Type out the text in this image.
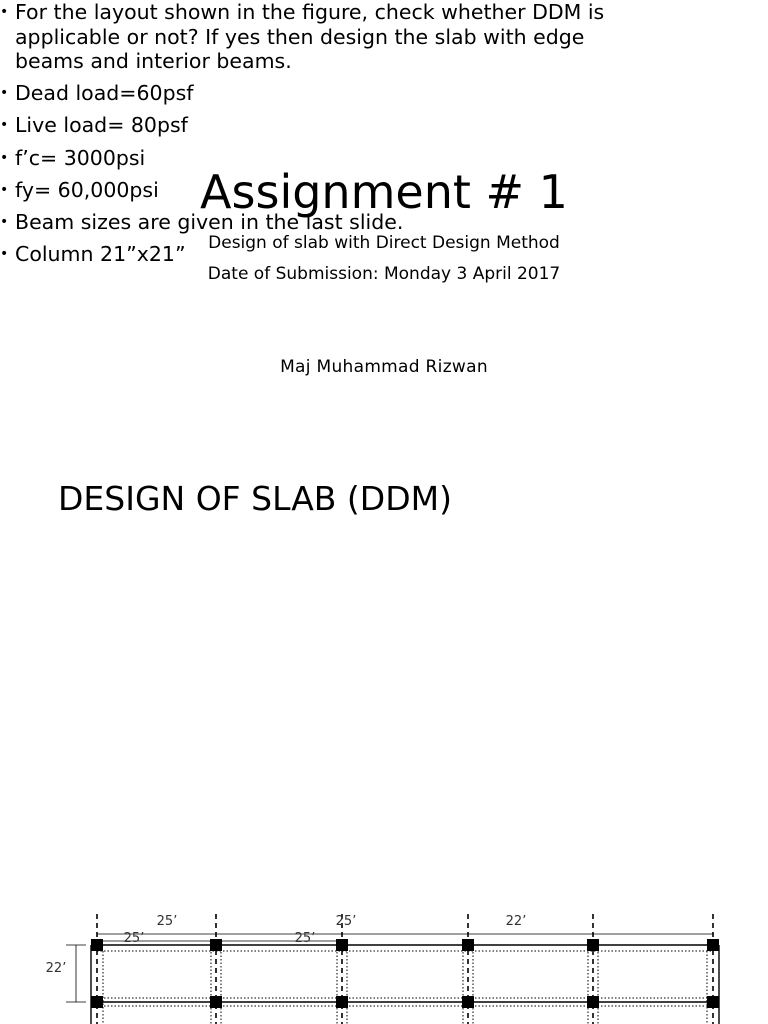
Assignment # 1
Design of slab with Direct Design Method
Date of Submission: Monday 3 April 2017
Maj Muhammad Rizwan
DESIGN OF SLAB (DDM)
• For the layout shown in the figure, check whether DDM is applicable or not? If yes then design the slab with edge beams and interior beams.
• Dead load=60psf
• Live load= 80psf
• f’c= 3000psi
• fy= 60,000psi
• Beam sizes are given in the last slide.
• Column 21”x21”
25’	25’	22’
25’	25’
22’
